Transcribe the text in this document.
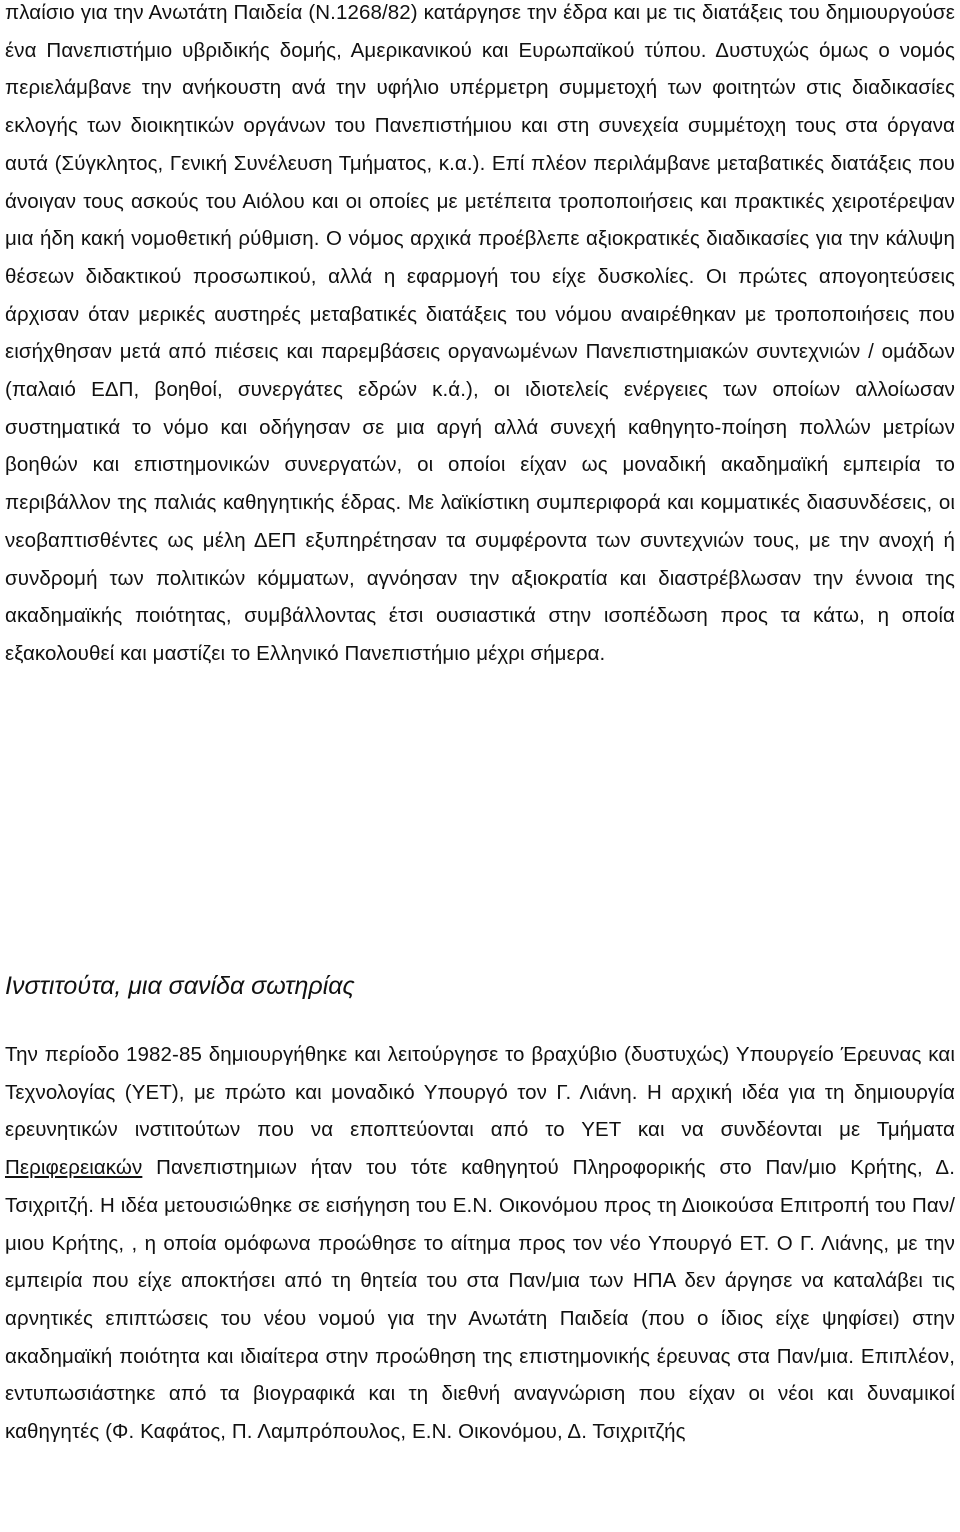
πλαίσιο για την Ανωτάτη Παιδεία (Ν.1268/82) κατάργησε την έδρα και με τις διατάξεις του δημιουργούσε ένα Πανεπιστήμιο υβριδικής δομής, Αμερικανικού και Ευρωπαϊκού τύπου. Δυστυχώς όμως ο νομός περιελάμβανε την ανήκουστη ανά την υφήλιο υπέρμετρη συμμετοχή των φοιτητών στις διαδικασίες εκλογής των διοικητικών οργάνων του Πανεπιστήμιου και στη συνεχεία συμμέτοχη τους στα όργανα αυτά (Σύγκλητος, Γενική Συνέλευση Τμήματος, κ.α.). Επί πλέον περιλάμβανε μεταβατικές διατάξεις που άνοιγαν τους ασκούς του Αιόλου και οι οποίες με μετέπειτα τροποποιήσεις και πρακτικές χειροτέρεψαν μια ήδη κακή νομοθετική ρύθμιση. Ο νόμος αρχικά προέβλεπε αξιοκρατικές διαδικασίες για την κάλυψη θέσεων διδακτικού προσωπικού, αλλά η εφαρμογή του είχε δυσκολίες. Οι πρώτες απογοητεύσεις άρχισαν όταν μερικές αυστηρές μεταβατικές διατάξεις του νόμου αναιρέθηκαν με τροποποιήσεις που εισήχθησαν μετά από πιέσεις και παρεμβάσεις οργανωμένων Πανεπιστημιακών συντεχνιών / ομάδων (παλαιό ΕΔΠ, βοηθοί, συνεργάτες εδρών κ.ά.), οι ιδιοτελείς ενέργειες των οποίων αλλοίωσαν συστηματικά το νόμο και οδήγησαν σε μια αργή αλλά συνεχή καθηγητο-ποίηση πολλών μετρίων βοηθών και επιστημονικών συνεργατών, οι οποίοι είχαν ως μοναδική ακαδημαϊκή εμπειρία το περιβάλλον της παλιάς καθηγητικής έδρας. Με λαϊκίστικη συμπεριφορά και κομματικές διασυνδέσεις, οι νεοβαπτισθέντες ως μέλη ΔΕΠ εξυπηρέτησαν τα συμφέροντα των συντεχνιών τους, με την ανοχή ή συνδρομή των πολιτικών κόμματων, αγνόησαν την αξιοκρατία και διαστρέβλωσαν την έννοια της ακαδημαϊκής ποιότητας, συμβάλλοντας έτσι ουσιαστικά στην ισοπέδωση προς τα κάτω, η οποία εξακολουθεί και μαστίζει το Ελληνικό Πανεπιστήμιο μέχρι σήμερα.

Ινστιτούτα, μια σανίδα σωτηρίας

Την περίοδο 1982-85 δημιουργήθηκε και λειτούργησε το βραχύβιο (δυστυχώς) Υπουργείο Έρευνας και Τεχνολογίας (ΥΕΤ), με πρώτο και μοναδικό Υπουργό τον Γ. Λιάνη. Η αρχική ιδέα για τη δημιουργία ερευνητικών ινστιτούτων που να εποπτεύονται από το ΥΕΤ και να συνδέονται με Τμήματα Περιφερειακών Πανεπιστημιων ήταν του τότε καθηγητού Πληροφορικής στο Παν/μιο Κρήτης, Δ. Τσιχριτζή. Η ιδέα μετουσιώθηκε σε εισήγηση του Ε.Ν. Οικονόμου προς τη Διοικούσα Επιτροπή του Παν/μιου Κρήτης, , η οποία ομόφωνα προώθησε το αίτημα προς τον νέο Υπουργό ΕΤ. Ο Γ. Λιάνης, με την εμπειρία που είχε αποκτήσει από τη θητεία του στα Παν/μια των ΗΠΑ δεν άργησε να καταλάβει τις αρνητικές επιπτώσεις του νέου νομού για την Ανωτάτη Παιδεία (που ο ίδιος είχε ψηφίσει) στην ακαδημαϊκή ποιότητα και ιδιαίτερα στην προώθηση της επιστημονικής έρευνας στα Παν/μια. Επιπλέον, εντυπωσιάστηκε από τα βιογραφικά και τη διεθνή αναγνώριση που είχαν οι νέοι και δυναμικοί καθηγητές (Φ. Καφάτος, Π. Λαμπρόπουλος, Ε.Ν. Οικονόμου, Δ. Τσιχριτζής
